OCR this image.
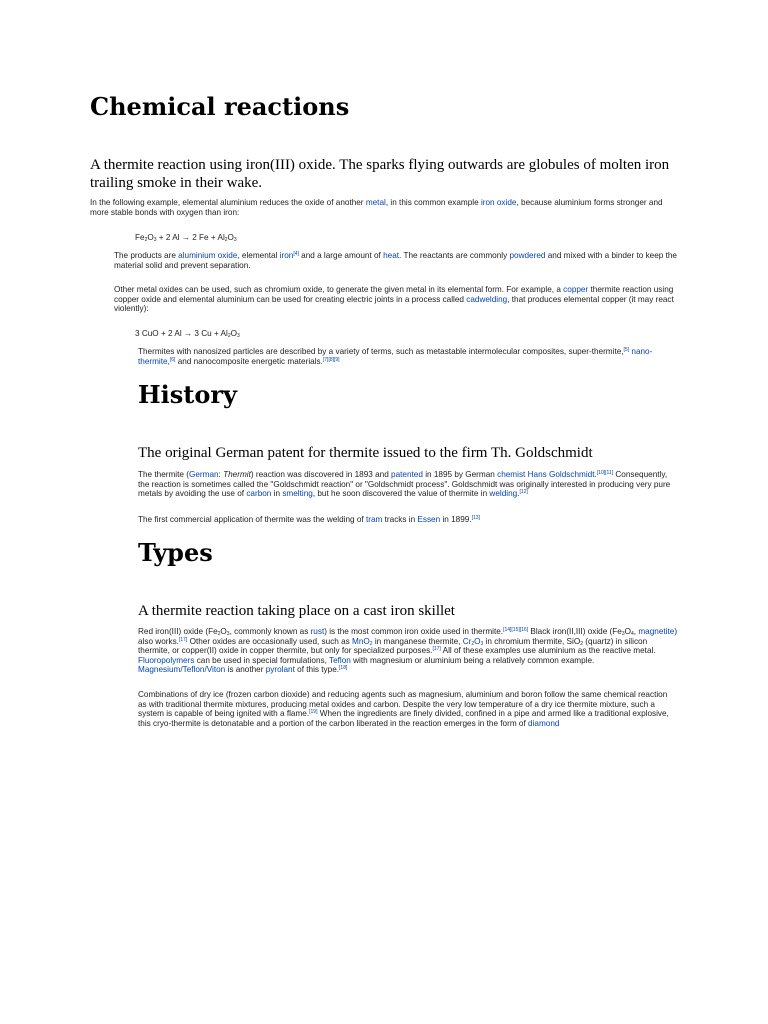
Chemical reactions

A thermite reaction using iron(III) oxide. The sparks flying outwards are globules of molten iron trailing smoke in their wake.

In the following example, elemental aluminium reduces the oxide of another metal, in this common example iron oxide, because aluminium forms stronger and more stable bonds with oxygen than iron:

$Fe_2O_3 + 2$ Al → 2 $Fe + Al_2O_3$

The products are aluminium oxide, elemental iron[4] and a large amount of heat. The reactants are commonly powdered and mixed with a binder to keep the material solid and prevent separation.

Other metal oxides can be used, such as chromium oxide, to generate the given metal in its elemental form. For example, a copper thermite reaction using copper oxide and elemental aluminium can be used for creating electric joints in a process called cadwelding, that produces elemental copper (it may react violently):

3 CuO + 2 Al → 3 $Cu + Al_2O_3$

Thermites with nanosized particles are described by a variety of terms, such as metastable intermolecular composites, super-thermite,[5] nano-thermite,[6] and nanocomposite energetic materials.[7][8][9]

History

The original German patent for thermite issued to the firm Th. Goldschmidt

The thermite (German: Thermit) reaction was discovered in 1893 and patented in 1895 by German chemist Hans Goldschmidt.[10][11] Consequently, the reaction is sometimes called the "Goldschmidt reaction" or "Goldschmidt process". Goldschmidt was originally interested in producing very pure metals by avoiding the use of carbon in smelting, but he soon discovered the value of thermite in welding.[12]

The first commercial application of thermite was the welding of tram tracks in Essen in 1899.[13]

Types

A thermite reaction taking place on a cast iron skillet

Red iron(III) oxide ($Fe_2O_3$, commonly known as rust) is the most common iron oxide used in thermite.[14][15][16] Black iron(II,III) oxide ($Fe_3O_4$, magnetite) also works.[17] Other oxides are occasionally used, such as MnO$_2$ in manganese thermite, $Cr_2O_3$ in chromium thermite, SiO$_2$ (quartz) in silicon thermite, or copper(II) oxide in copper thermite, but only for specialized purposes.[17] All of these examples use aluminium as the reactive metal. Fluoropolymers can be used in special formulations, Teflon with magnesium or aluminium being a relatively common example. Magnesium/Teflon/Viton is another pyrolant of this type.[18]

Combinations of dry ice (frozen carbon dioxide) and reducing agents such as magnesium, aluminium and boron follow the same chemical reaction as with traditional thermite mixtures, producing metal oxides and carbon. Despite the very low temperature of a dry ice thermite mixture, such a system is capable of being ignited with a flame.[19] When the ingredients are finely divided, confined in a pipe and armed like a traditional explosive, this cryo-thermite is detonatable and a portion of the carbon liberated in the reaction emerges in the form of diamond
